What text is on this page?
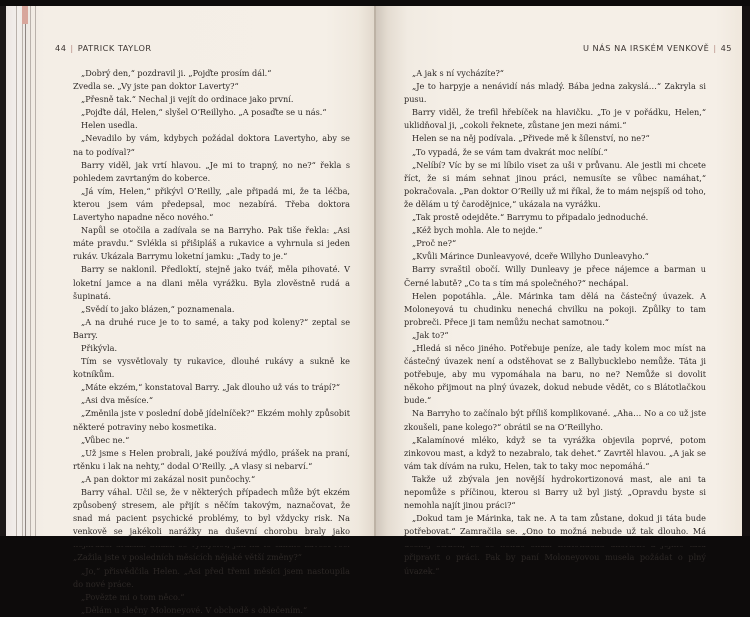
44 | PATRICK TAYLOR	U NÁS NA IRSKÉM VENKOVĚ | 45

„Dobrý den,“ pozdravil ji. „Pojďte prosím dál.“

Zvedla se. „Vy jste pan doktor Laverty?“

„Přesně tak.“ Nechal ji vejít do ordinace jako první.

„Pojďte dál, Helen,“ slyšel O’Reillyho. „A posaďte se u nás.“

Helen usedla.

„Nevadilo by vám, kdybych požádal doktora Lavertyho, aby se na to podíval?“

Barry viděl, jak vrtí hlavou. „Je mi to trapný, no ne?“ řekla s pohledem zavrtaným do koberce.

„Já vím, Helen,“ přikývl O’Reilly, „ale připadá mi, že ta léčba, kterou jsem vám předepsal, moc nezabírá. Třeba doktora Lavertyho napadne něco nového.“

Napůl se otočila a zadívala se na Barryho. Pak tiše řekla: „Asi máte pravdu.“ Svlékla si přišipláš a rukavice a vyhrnula si jeden rukáv. Ukázala Barrymu loketní jamku: „Tady to je.“

Barry se naklonil. Předloktí, stejně jako tvář, měla pihovaté. V loketní jamce a na dlani měla vyrážku. Byla zlověstně rudá a šupinatá.

„Svědí to jako blázen,“ poznamenala.

„A na druhé ruce je to to samé, a taky pod koleny?“ zeptal se Barry.

Přikývla.

Tím se vysvětlovaly ty rukavice, dlouhé rukávy a sukně ke kotníkům.

„Máte ekzém,“ konstatoval Barry. „Jak dlouho už vás to trápí?“

„Asi dva měsíce.“

„Změnila jste v poslední době jídelníček?“ Ekzém mohly způsobit některé potraviny nebo kosmetika.

„Vůbec ne.“

„Už jsme s Helen probrali, jaké používá mýdlo, prášek na praní, rtěnku i lak na nehty,“ dodal O’Reilly. „A vlasy si nebarví.“

„A pan doktor mi zakázal nosit punčochy.“

Barry váhal. Učil se, že v některých případech může být ekzém způsobený stresem, ale přijít s něčím takovým, naznačovat, že snad má pacient psychické problémy, to byl vždycky risk. Na venkově se jakékoli narážky na duševní chorobu braly jako „Zažila jste v posledních měsících nějaké větší změny?“

„Jo,“ přisvědčila Helen. „Asi před třemi měsíci jsem nastoupila do nové práce.

„Povězte mi o tom něco.“

„Dělám u slečny Moloneyové. V obchodě s oblečením.“

„A jak s ní vycházíte?“

„Je to harpyje a nenávidí nás mladý. Bába jedna zakyslá…“ Zakryla si pusu.

Barry viděl, že trefil hřebíček na hlavičku. „To je v pořádku, Helen,“ uklidňoval ji, „cokoli řeknete, zůstane jen mezi námi.“

Helen se na něj podívala. „Přivede mě k šílenství, no ne?“

„To vypadá, že se vám tam dvakrát moc nelíbí.“

„Nelíbí? Víc by se mi líbilo viset za uši v průvanu. Ale jestli mi chcete říct, že si mám sehnat jinou práci, nemusíte se vůbec namáhat,“ pokračovala. „Pan doktor O’Reilly už mi říkal, že to mám nejspíš od toho, že dělám u tý čarodějnice,“ ukázala na vyrážku.

„Tak prostě odejděte.“ Barrymu to připadalo jednoduché.

„Kéž bych mohla. Ale to nejde.“

„Proč ne?“

„Kvůli Márince Dunleavyové, dceře Willyho Dunleavyho.“

Barry svraštil obočí. Willy Dunleavy je přece nájemce a barman u Černé labutě? „Co ta s tím má společného?“ nechápal.

Helen popotáhla. „Ále. Márinka tam dělá na částečný úvazek. A Moloneyová tu chudinku nenechá chvilku na pokoji. Způlky to tam probreči. Přece ji tam nemůžu nechat samotnou.“

„Jak to?“

„Hledá si něco jiného. Potřebuje peníze, ale tady kolem moc míst na částečný úvazek není a odstěhovat se z Ballybucklebo nemůže. Táta ji potřebuje, aby mu vypomáhala na baru, no ne? Nemůže si dovolit někoho přijmout na plný úvazek, dokud nebude vědět, co s Blátotlačkou bude.“

Na Barryho to začínalo být příliš komplikované. „Aha… No a co už jste zkoušeli, pane kolego?“ obrátil se na O’Reillyho.

„Kalamínové mléko, když se ta vyrážka objevila poprvé, potom zinkovou mast, a když to nezabralo, tak dehet.“ Zavrtěl hlavou. „A jak se vám tak dívám na ruku, Helen, tak to taky moc nepomáhá.“

Takže už zbývala jen novější hydrokortizonová mast, ale ani ta nepomůže s příčinou, kterou si Barry už byl jistý. „Opravdu byste si nemohla najít jinou práci?“

„Dokud tam je Márinka, tak ne. A ta tam zůstane, dokud ji táta bude potřebovat.“ Zamračila se. „Ono to možná nebude už tak dlouho. Má připravit o práci. Pak by paní Moloneyovou musela požádat o plný úvazek.“
